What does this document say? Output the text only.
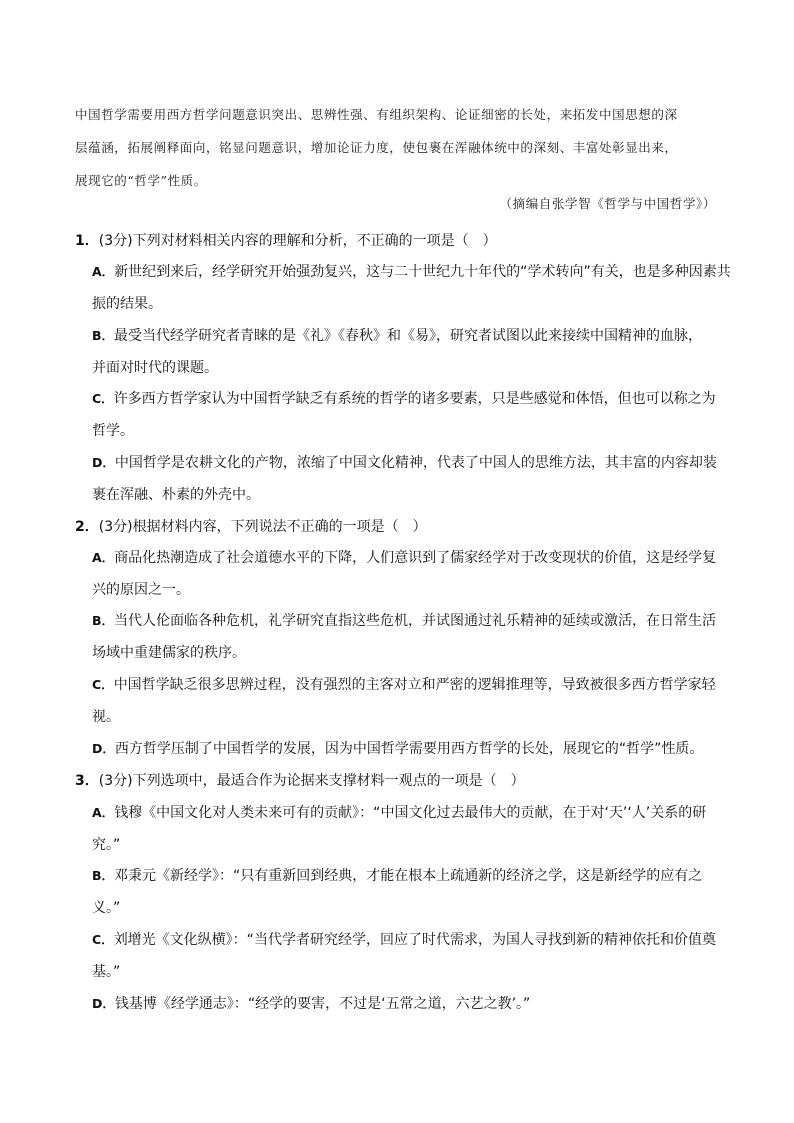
中国哲学需要用西方哲学问题意识突出、思辨性强、有组织架构、论证细密的长处，来拓发中国思想的深

层蕴涵，拓展阐释面向，铭显问题意识，增加论证力度，使包裹在浑融体统中的深刻、丰富处彰显出来，

展现它的“哲学”性质。

（摘编自张学智《哲学与中国哲学》）
1．(3分)下列对材料相关内容的理解和分析，不正确的一项是（　）
A．新世纪到来后，经学研究开始强劲复兴，这与二十世纪九十年代的“学术转向”有关，也是多种因素共
振的结果。
B．最受当代经学研究者青睐的是《礼》《春秋》和《易》，研究者试图以此来接续中国精神的血脉，
并面对时代的课题。
C．许多西方哲学家认为中国哲学缺乏有系统的哲学的诸多要素，只是些感觉和体悟，但也可以称之为
哲学。
D．中国哲学是农耕文化的产物，浓缩了中国文化精神，代表了中国人的思维方法，其丰富的内容却装
裹在浑融、朴素的外壳中。
2．(3分)根据材料内容，下列说法不正确的一项是（　）
A．商品化热潮造成了社会道德水平的下降，人们意识到了儒家经学对于改变现状的价值，这是经学复
兴的原因之一。
B．当代人伦面临各种危机，礼学研究直指这些危机，并试图通过礼乐精神的延续或激活，在日常生活
场域中重建儒家的秩序。
C．中国哲学缺乏很多思辨过程，没有强烈的主客对立和严密的逻辑推理等，导致被很多西方哲学家轻
视。
D．西方哲学压制了中国哲学的发展，因为中国哲学需要用西方哲学的长处，展现它的“哲学”性质。
3．(3分)下列选项中，最适合作为论据来支撑材料一观点的一项是（　）
A．钱穆《中国文化对人类未来可有的贡献》：“中国文化过去最伟大的贡献，在于对‘天’‘人’关系的研
究。”
B．邓秉元《新经学》：“只有重新回到经典，才能在根本上疏通新的经济之学，这是新经学的应有之
义。”
C．刘增光《文化纵横》：“当代学者研究经学，回应了时代需求，为国人寻找到新的精神依托和价值奠
基。”
D．钱基博《经学通志》：“经学的要害，不过是‘五常之道，六艺之教’。”
